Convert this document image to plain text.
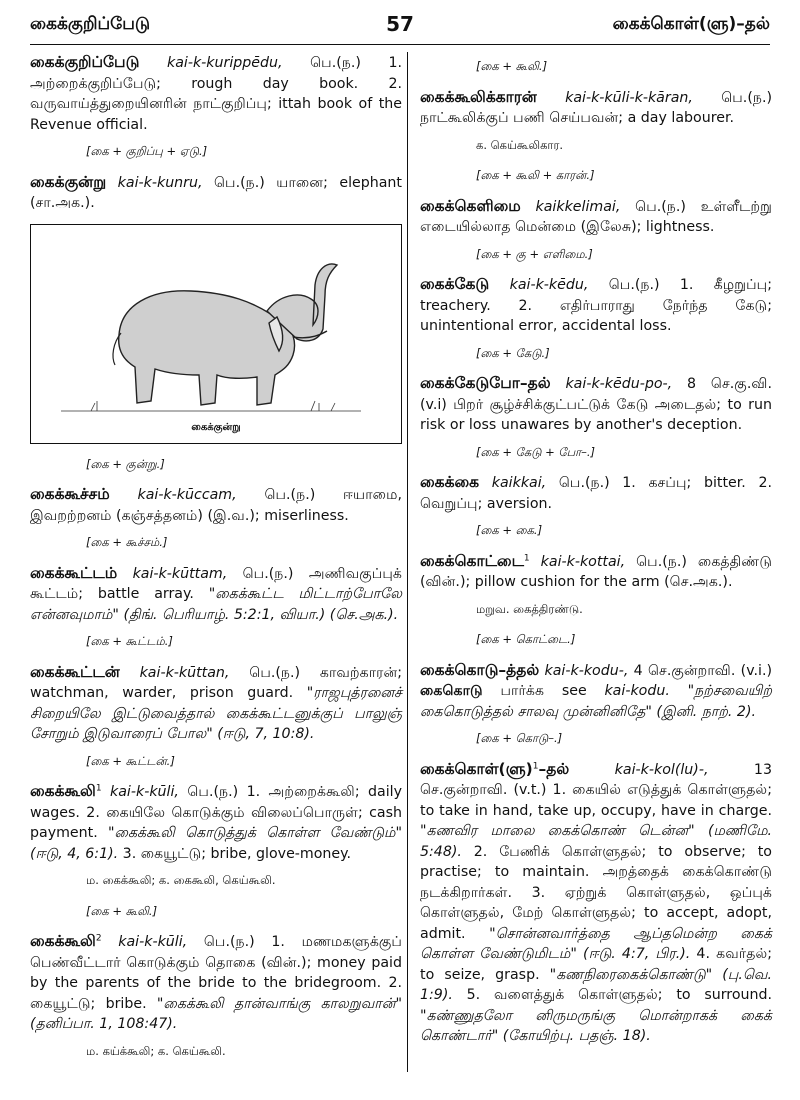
கைக்குறிப்பேடு	57	கைக்கொள்(ளு)–தல்
கைக்குறிப்பேடு kai-k-kurippēdu, பெ.(ந.) 1. அற்றைக்குறிப்பேடு; rough day book. 2. வருவாய்த்துறையினரின் நாட்குறிப்பு; ittah book of the Revenue official.
[கை + குறிப்பு + ஏடு.]
கைக்குன்று kai-k-kunru, பெ.(ந.) யானை; elephant (சா.அக.).
கைக்குன்று
[கை + குன்று.]
கைக்கூச்சம் kai-k-kūccam, பெ.(ந.) ஈயாமை, இவறற்றனம் (கஞ்சத்தனம்) (இ.வ.); miserliness.
[கை + கூச்சம்.]
கைக்கூட்டம் kai-k-kūttam, பெ.(ந.) அணிவகுப்புக் கூட்டம்; battle array. "கைக்கூட்ட மிட்டாற்போலே என்னவுமாம்" (திங். பெரியாழ். 5:2:1, வியா.) (செ.அக.).
[கை + கூட்டம்.]
கைக்கூட்டன் kai-k-kūttan, பெ.(ந.) காவற்காரன்; watchman, warder, prison guard. "ராஜபுத்ரனைச் சிறையிலே இட்டுவைத்தால் கைக்கூட்டனுக்குப் பாலுஞ் சோறும் இடுவாரைப் போல" (ஈடு, 7, 10:8).
[கை + கூட்டன்.]
கைக்கூலி$^1$ kai-k-kūli, பெ.(ந.) 1. அற்றைக்கூலி; daily wages. 2. கையிலே கொடுக்கும் விலைப்பொருள்; cash payment. "கைக்கூலி கொடுத்துக் கொள்ள வேண்டும்" (ஈடு, 4, 6:1). 3. கையூட்டு; bribe, glove-money.
ம. கைக்கூலி; க. கைகூலி, கெய்கூலி.
[கை + கூலி.]
கைக்கூலி$^2$ kai-k-kūli, பெ.(ந.) 1. மணமகளுக்குப் பெண்வீட்டார் கொடுக்கும் தொகை (வின்.); money paid by the parents of the bride to the bridegroom. 2. கையூட்டு; bribe. "கைக்கூலி தான்வாங்கு காலறுவான்" (தனிப்பா. 1, 108:47).
ம. கய்க்கூலி; க. கெய்கூலி.
[கை + கூலி.]
கைக்கூலிக்காரன் kai-k-kūli-k-kāran, பெ.(ந.) நாட்கூலிக்குப் பணி செய்பவன்; a day labourer.
க. கெய்கூலிகார.
[கை + கூலி + காரன்.]
கைக்கெளிமை kaikkelimai, பெ.(ந.) உள்ளீடற்று எடையில்லாத மென்மை (இலேசு); lightness.
[கை + கு + எளிமை.]
கைக்கேடு kai-k-kēdu, பெ.(ந.) 1. கீழறுப்பு; treachery. 2. எதிர்பாராது நேர்ந்த கேடு; unintentional error, accidental loss.
[கை + கேடு.]
கைக்கேடுபோ–தல் kai-k-kēdu-po-, 8 செ.கு.வி. (v.i) பிறர் சூழ்ச்சிக்குட்பட்டுக் கேடு அடைதல்; to run risk or loss unawares by another's deception.
[கை + கேடு + போ–.]
கைக்கை kaikkai, பெ.(ந.) 1. கசப்பு; bitter. 2. வெறுப்பு; aversion.
[கை + கை.]
கைக்கொட்டை$^1$ kai-k-kottai, பெ.(ந.) கைத்திண்டு (வின்.); pillow cushion for the arm (செ.அக.).
மறுவ. கைத்திரண்டு.
[கை + கொட்டை.]
கைக்கொடு–த்தல் kai-k-kodu-, 4 செ.குன்றாவி. (v.i.) கைகொடு பார்க்க see kai-kodu. "நற்சவையிற் கைகொடுத்தல் சாலவு முன்னினிதே" (இனி. நாற். 2).
[கை + கொடு–.]
கைக்கொள்(ளு)$^1$–தல்	kai-k-kol(lu)-, 13 செ.குன்றாவி. (v.t.) 1. கையில் எடுத்துக் கொள்ளுதல்; to take in hand, take up, occupy, have in charge. "கணவிர மாலை கைக்கொண் டென்ன" (மணிமே. 5:48). 2. பேணிக் கொள்ளுதல்; to observe; to practise; to maintain. அறத்தைக் கைக்கொண்டு நடக்கிறார்கள். 3. ஏற்றுக் கொள்ளுதல், ஒப்புக் கொள்ளுதல், மேற் கொள்ளுதல்; to accept, adopt, admit. "சொன்னவார்த்தை ஆப்தமென்ற கைக் கொள்ள வேண்டுமிடம்" (ஈடு. 4:7, பிர.). 4. கவர்தல்; to seize, grasp. "கணநிரைகைக்கொண்டு" (பு.வெ. 1:9). 5. வளைத்துக் கொள்ளுதல்; to surround. "கண்ணுதலோ னிருமருங்கு மொன்றாகக் கைக் கொண்டார்" (கோயிற்பு. பதஞ். 18).
